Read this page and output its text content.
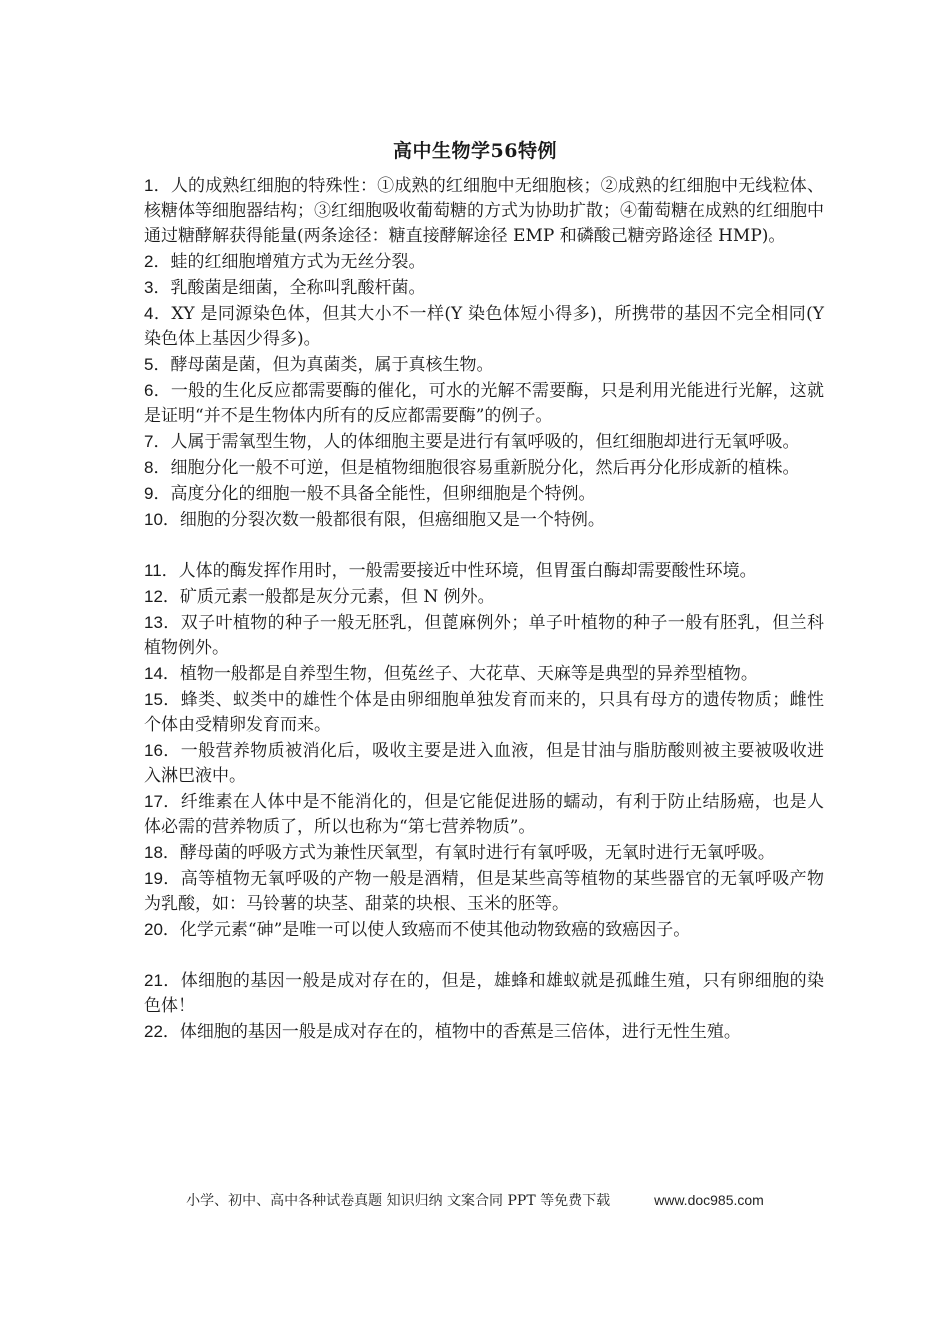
高中生物学56特例

1．人的成熟红细胞的特殊性：①成熟的红细胞中无细胞核；②成熟的红细胞中无线粒体、核糖体等细胞器结构；③红细胞吸收葡萄糖的方式为协助扩散；④葡萄糖在成熟的红细胞中通过糖酵解获得能量(两条途径：糖直接酵解途径 EMP 和磷酸己糖旁路途径 HMP)。

2．蛙的红细胞增殖方式为无丝分裂。

3．乳酸菌是细菌，全称叫乳酸杆菌。

4．XY 是同源染色体，但其大小不一样(Y 染色体短小得多)，所携带的基因不完全相同(Y 染色体上基因少得多)。

5．酵母菌是菌，但为真菌类，属于真核生物。

6．一般的生化反应都需要酶的催化，可水的光解不需要酶，只是利用光能进行光解，这就是证明“并不是生物体内所有的反应都需要酶”的例子。

7．人属于需氧型生物，人的体细胞主要是进行有氧呼吸的，但红细胞却进行无氧呼吸。

8．细胞分化一般不可逆，但是植物细胞很容易重新脱分化，然后再分化形成新的植株。

9．高度分化的细胞一般不具备全能性，但卵细胞是个特例。

10．细胞的分裂次数一般都很有限，但癌细胞又是一个特例。

11．人体的酶发挥作用时，一般需要接近中性环境，但胃蛋白酶却需要酸性环境。

12．矿质元素一般都是灰分元素，但 N 例外。

13．双子叶植物的种子一般无胚乳，但蓖麻例外；单子叶植物的种子一般有胚乳，但兰科植物例外。

14．植物一般都是自养型生物，但菟丝子、大花草、天麻等是典型的异养型植物。

15．蜂类、蚁类中的雄性个体是由卵细胞单独发育而来的，只具有母方的遗传物质；雌性个体由受精卵发育而来。

16．一般营养物质被消化后，吸收主要是进入血液，但是甘油与脂肪酸则被主要被吸收进入淋巴液中。

17．纤维素在人体中是不能消化的，但是它能促进肠的蠕动，有利于防止结肠癌，也是人体必需的营养物质了，所以也称为“第七营养物质”。

18．酵母菌的呼吸方式为兼性厌氧型，有氧时进行有氧呼吸，无氧时进行无氧呼吸。

19．高等植物无氧呼吸的产物一般是酒精，但是某些高等植物的某些器官的无氧呼吸产物为乳酸，如：马铃薯的块茎、甜菜的块根、玉米的胚等。

20．化学元素“砷”是唯一可以使人致癌而不使其他动物致癌的致癌因子。

21．体细胞的基因一般是成对存在的，但是，雄蜂和雄蚁就是孤雌生殖，只有卵细胞的染色体！

22．体细胞的基因一般是成对存在的，植物中的香蕉是三倍体，进行无性生殖。

小学、初中、高中各种试卷真题 知识归纳 文案合同 PPT 等免费下载	www.doc985.com
